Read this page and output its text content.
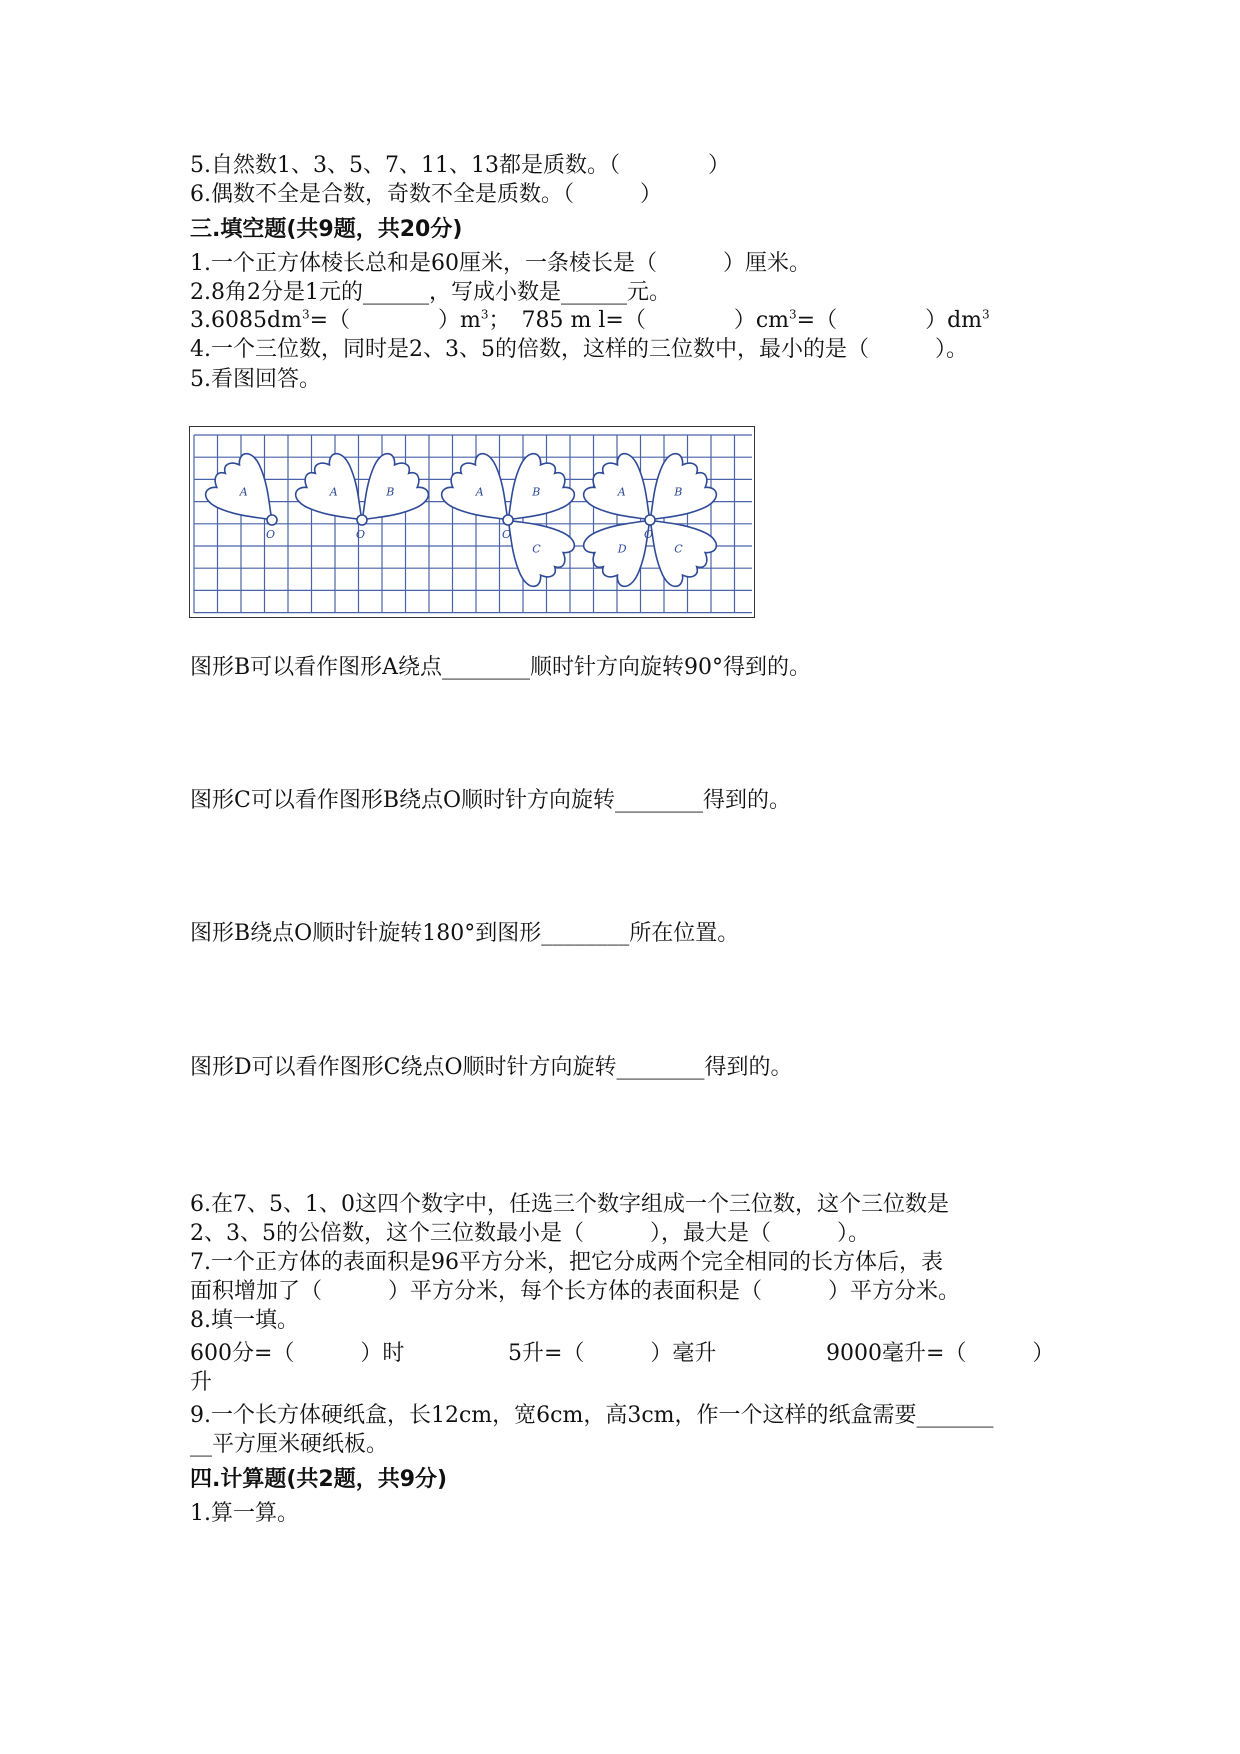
5.自然数1、3、5、7、11、13都是质数。（　　　　）
6.偶数不全是合数，奇数不全是质数。（　　　）
三.填空题(共9题，共20分)
1.一个正方体棱长总和是60厘米，一条棱长是（　　　）厘米。
2.8角2分是1元的______，写成小数是______元。
$3.6085dm^3=$（　　　　）$m^3$；　785 m l=（　　　　）$cm^3=$（　　　　）$dm^3$
4.一个三位数，同时是2、3、5的倍数，这样的三位数中，最小的是（　　　）。
5.看图回答。
A
O
A	B
O
A	B
C
O
A	B
C
D
O
图形B可以看作图形A绕点________顺时针方向旋转90°得到的。
图形C可以看作图形B绕点O顺时针方向旋转________得到的。
图形B绕点O顺时针旋转180°到图形________所在位置。
图形D可以看作图形C绕点O顺时针方向旋转________得到的。
6.在7、5、1、0这四个数字中，任选三个数字组成一个三位数，这个三位数是
2、3、5的公倍数，这个三位数最小是（　　　），最大是（　　　）。
7.一个正方体的表面积是96平方分米，把它分成两个完全相同的长方体后，表
面积增加了（　　　）平方分米，每个长方体的表面积是（　　　）平方分米。
8.填一填。
600分=（　　　）时	5升=（　　　）毫升	9000毫升=（　　　）
升
9.一个长方体硬纸盒，长12cm，宽6cm，高3cm，作一个这样的纸盒需要_______
__平方厘米硬纸板。
四.计算题(共2题，共9分)
1.算一算。
